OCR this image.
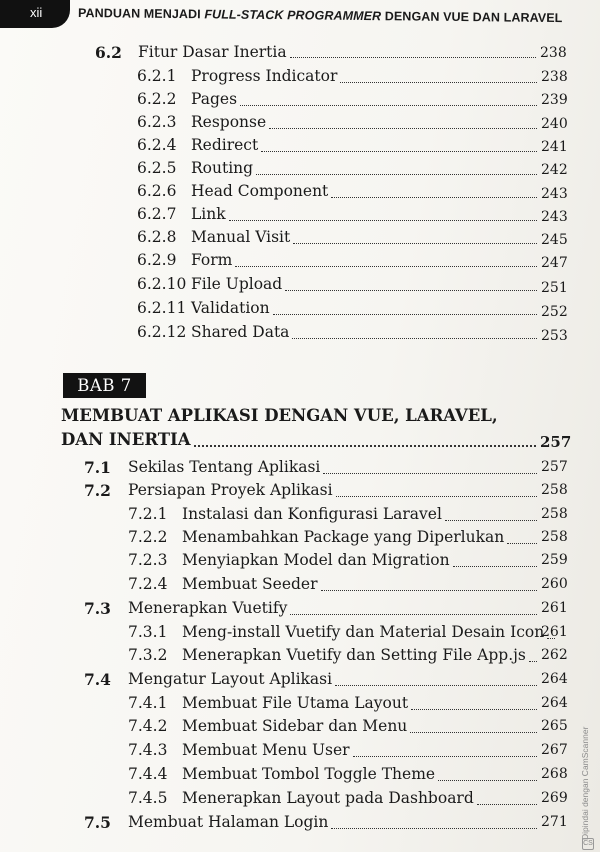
xii	PANDUAN MENJADI FULL-STACK PROGRAMMER DENGAN VUE DAN LARAVEL
6.2 Fitur Dasar Inertia	238
6.2.1 Progress Indicator	238
6.2.2 Pages	239
6.2.3 Response	240
6.2.4 Redirect	241
6.2.5 Routing	242
6.2.6 Head Component	243
6.2.7 Link	243
6.2.8 Manual Visit	245
6.2.9 Form	247
6.2.10 File Upload	251
6.2.11 Validation	252
6.2.12 Shared Data	253
BAB 7
MEMBUAT APLIKASI DENGAN VUE, LARAVEL,
DAN INERTIA	257
7.1 Sekilas Tentang Aplikasi	257
7.2 Persiapan Proyek Aplikasi	258
7.2.1 Instalasi dan Konfigurasi Laravel	258
7.2.2 Menambahkan Package yang Diperlukan	258
7.2.3 Menyiapkan Model dan Migration	259
7.2.4 Membuat Seeder	260
7.3 Menerapkan Vuetify	261
7.3.1 Meng-install Vuetify dan Material Desain Icon
261
7.3.2 Menerapkan Vuetify dan Setting File App.js 262
7.4 Mengatur Layout Aplikasi	264
7.4.1 Membuat File Utama Layout	264
7.4.2 Membuat Sidebar dan Menu	265
7.4.3 Membuat Menu User	267
7.4.4 Membuat Tombol Toggle Theme	268
7.4.5 Menerapkan Layout pada Dashboard	269
7.5 Membuat Halaman Login	271 Dipindai dengan CamScanner
CS
